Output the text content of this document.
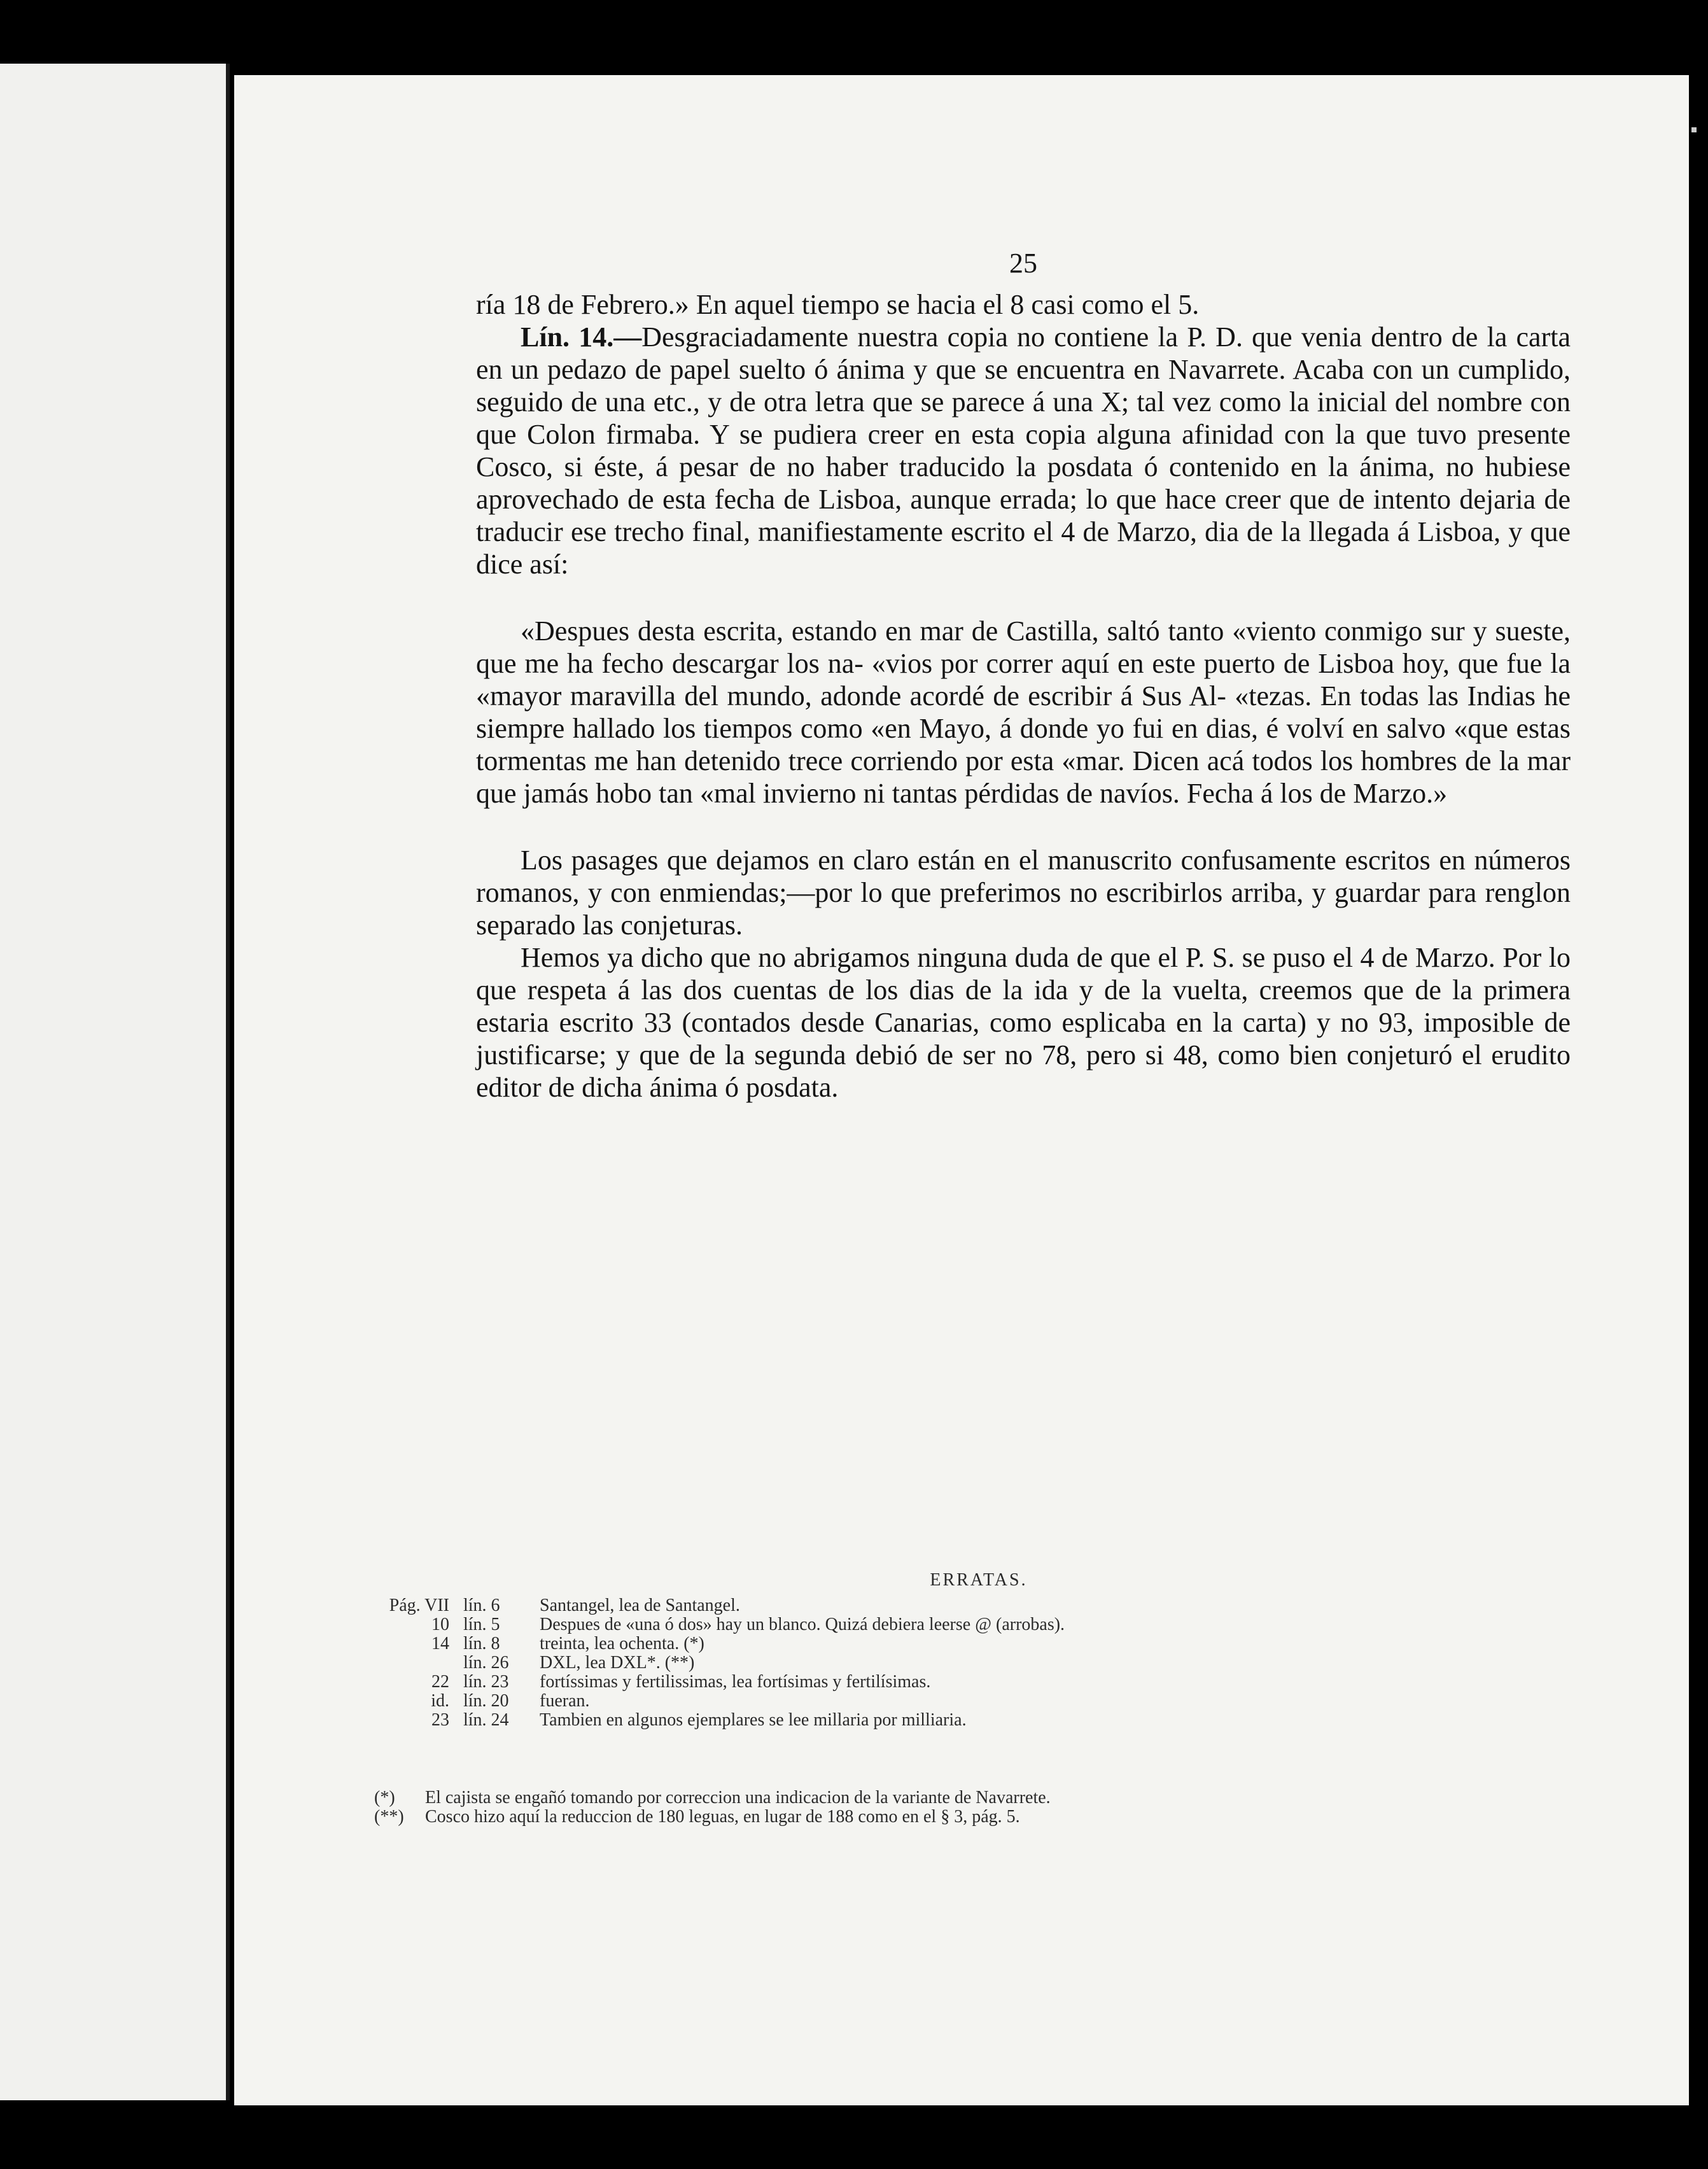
25

ría 18 de Febrero.» En aquel tiempo se hacia el 8 casi como el 5.

Lín. 14.—Desgraciadamente nuestra copia no contiene la P. D. que venia dentro de la carta en un pedazo de papel suelto ó ánima y que se encuentra en Navarrete. Acaba con un cumplido, seguido de una etc., y de otra letra que se parece á una X; tal vez como la inicial del nombre con que Colon firmaba. Y se pudiera creer en esta copia alguna afinidad con la que tuvo presente Cosco, si éste, á pesar de no haber traducido la posdata ó contenido en la ánima, no hubiese aprovechado de esta fecha de Lisboa, aunque errada; lo que hace creer que de intento dejaria de traducir ese trecho final, manifiestamente escrito el 4 de Marzo, dia de la llegada á Lisboa, y que dice así:

«Despues desta escrita, estando en mar de Castilla, saltó tanto «viento conmigo sur y sueste, que me ha fecho descargar los na- «vios por correr aquí en este puerto de Lisboa hoy, que fue la «mayor maravilla del mundo, adonde acordé de escribir á Sus Al- «tezas. En todas las Indias he siempre hallado los tiempos como «en Mayo, á donde yo fui en dias, é volví en salvo «que estas tormentas me han detenido trece corriendo por esta «mar. Dicen acá todos los hombres de la mar que jamás hobo tan «mal invierno ni tantas pérdidas de navíos. Fecha á los de Marzo.»

Los pasages que dejamos en claro están en el manuscrito confusamente escritos en números romanos, y con enmiendas;—por lo que preferimos no escribirlos arriba, y guardar para renglon separado las conjeturas.

Hemos ya dicho que no abrigamos ninguna duda de que el P. S. se puso el 4 de Marzo. Por lo que respeta á las dos cuentas de los dias de la ida y de la vuelta, creemos que de la primera estaria escrito 33 (contados desde Canarias, como esplicaba en la carta) y no 93, imposible de justificarse; y que de la segunda debió de ser no 78, pero si 48, como bien conjeturó el erudito editor de dicha ánima ó posdata.

ERRATAS.

Pág. VII lín. 6	Santangel, lea de Santangel.
10 lín. 5	Despues de «una ó dos» hay un blanco. Quizá debiera leerse @ (arrobas).
14 lín. 8	treinta, lea ochenta. (*)
lín. 26	DXL, lea DXL*. (**)
22 lín. 23	fortíssimas y fertilissimas, lea fortísimas y fertilísimas.
id. lín. 20	fueran.
23 lín. 24	Tambien en algunos ejemplares se lee millaria por milliaria.
(*)	El cajista se engañó tomando por correccion una indicacion de la variante de Navarrete.
(**)	Cosco hizo aquí la reduccion de 180 leguas, en lugar de 188 como en el § 3, pág. 5.
